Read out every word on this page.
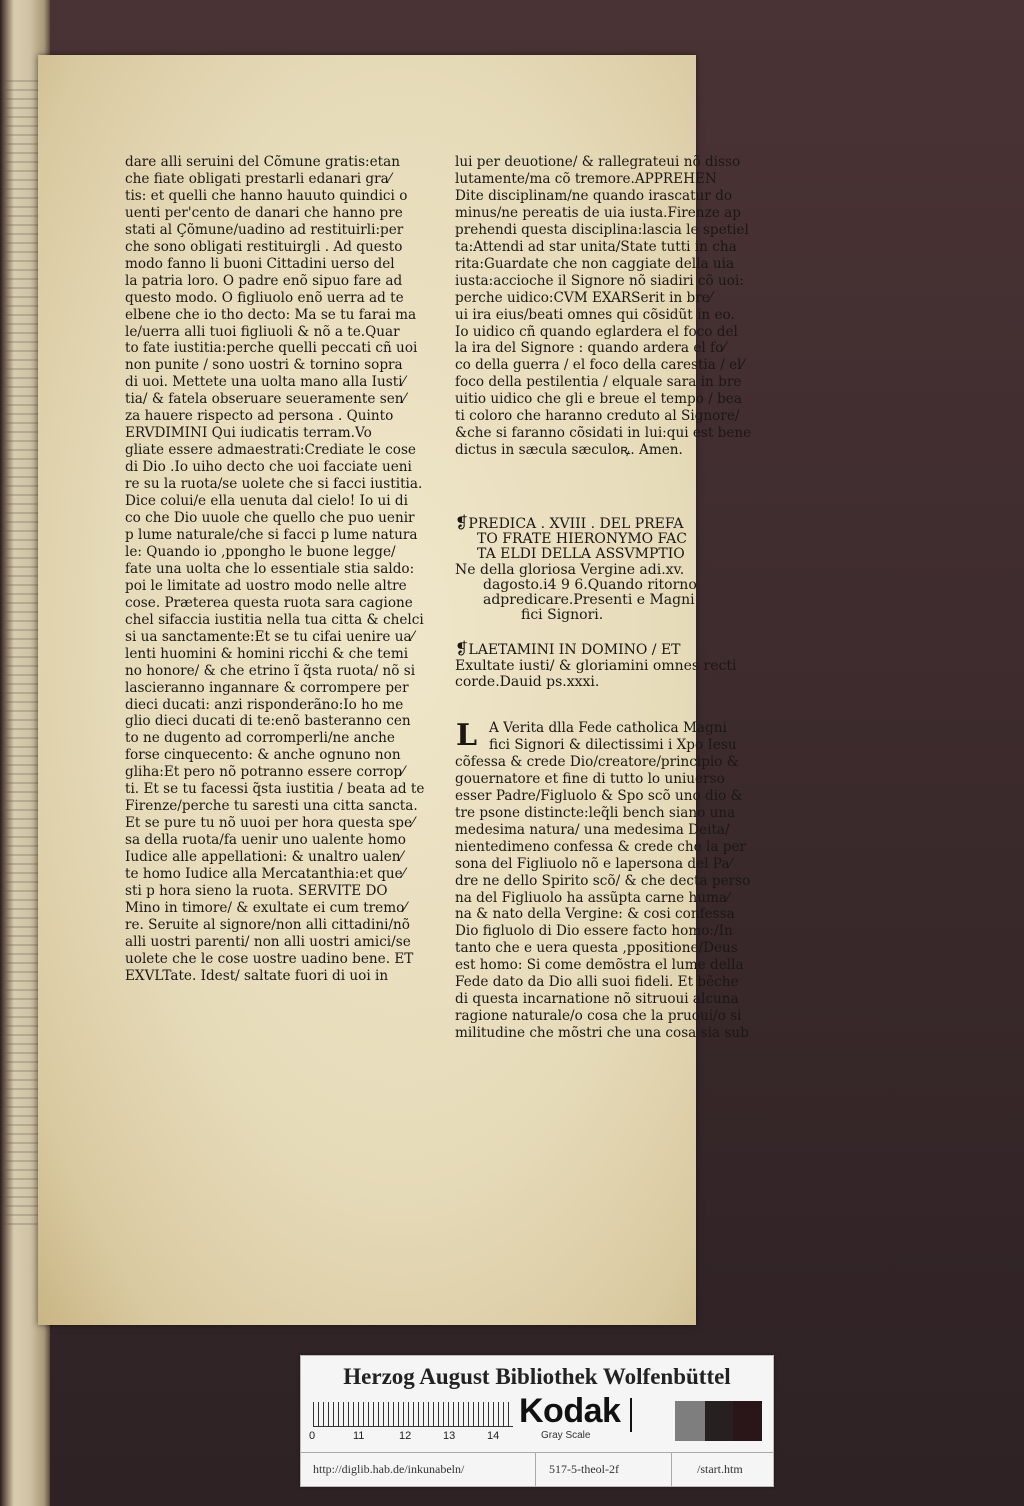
dare alli seruini del Cõmune gratis:etan
che fiate obligati prestarli edanari gra⁄
tis: et quelli che hanno hauuto quindici o
uenti per'cento de danari che hanno pre
stati al Çõmune/uadino ad restituirli:per
che sono obligati restituirgli . Ad questo
modo fanno li buoni Cittadini uerso del
la patria loro. O padre enõ sipuo fare ad
questo modo. O figliuolo enõ uerra ad te
elbene che io tho decto: Ma se tu farai ma
le/uerra alli tuoi figliuoli & nõ a te.Quar
to fate iustitia:perche quelli peccati cñ uoi
non punite / sono uostri & tornino sopra
di uoi. Mettete una uolta mano alla Iusti⁄
tia/ & fatela obseruare seueramente sen⁄
za hauere rispecto ad persona . Quinto
ERVDIMINI Qui iudicatis terram.Vo
gliate essere admaestrati:Crediate le cose
di Dio .Io uiho decto che uoi facciate ueni
re su la ruota/se uolete che si facci iustitia.
Dice colui/e ella uenuta dal cielo! Io ui di
co che Dio uuole che quello che puo uenir
p lume naturale/che si facci p lume natura
le: Quando io ,ppongho le buone legge/
fate una uolta che lo essentiale stia saldo:
poi le limitate ad uostro modo nelle altre
cose. Præterea questa ruota sara cagione
chel sifaccia iustitia nella tua citta & chelci
si ua sanctamente:Et se tu cifai uenire ua⁄
lenti huomini & homini ricchi & che temi
no honore/ & che etrino ĩ q̃sta ruota/ nõ si
lascieranno ingannare & corrompere per
dieci ducati: anzi risponderãno:Io ho me
glio dieci ducati di te:enõ basteranno cen
to ne dugento ad corromperli/ne anche
forse cinquecento: & anche ognuno non
gliha:Et pero nõ potranno essere corrop⁄
ti. Et se tu facessi q̃sta iustitia / beata ad te
Firenze/perche tu saresti una citta sancta.
Et se pure tu nõ uuoi per hora questa spe⁄
sa della ruota/fa uenir uno ualente homo
Iudice alle appellationi: & unaltro ualen⁄
te homo Iudice alla Mercatanthia:et que⁄
sti p hora sieno la ruota. SERVITE DO
Mino in timore/ & exultate ei cum tremo⁄
re. Seruite al signore/non alli cittadini/nõ
alli uostri parenti/ non alli uostri amici/se
uolete che le cose uostre uadino bene. ET
EXVLTate. Idest/ saltate fuori di uoi in
lui per deuotione/ & rallegrateui nõ disso
lutamente/ma cõ tremore.APPREHEN
Dite disciplinam/ne quando irascatur do
minus/ne pereatis de uia iusta.Firenze ap
prehendi questa disciplina:lascia le spetiel
ta:Attendi ad star unita/State tutti in cha
rita:Guardate che non caggiate della uia
iusta:accioche il Signore nõ siadiri cõ uoi:
perche uidico:CVM EXARSerit in bre⁄
ui ira eius/beati omnes qui cõsidũt in eo.
Io uidico cñ quando eglardera el foco del
la ira del Signore : quando ardera el fo⁄
co della guerra / el foco della carestia / el⁄
foco della pestilentia / elquale sara in bre
uitio uidico che gli e breue el tempo / bea
ti coloro che haranno creduto al Signore/
&che si faranno cõsidati in lui:qui est bene
dictus in sæcula sæculoꝶ. Amen.
❡PREDICA . XVIII . DEL PREFA
TO FRATE HIERONYMO FAC
TA ELDI DELLA ASSVMPTIO
Ne della gloriosa Vergine adi.xv.
dagosto.i4 9 6.Quando ritorno
adpredicare.Presenti e Magni
fici Signori.
❡LAETAMINI IN DOMINO / ET
Exultate iusti/ & gloriamini omnes recti
corde.Dauid ps.xxxi.
A Verita dlla Fede catholica Magni
fici Signori & dilectissimi i Xpo Iesu
cõfessa & crede Dio/creatore/principio &
gouernatore et fine di tutto lo uniuerso
esser Padre/Figluolo & Spo scõ uno dio &
tre psone distincte:leq̃li bench siano una
medesima natura/ una medesima Deita/
nientedimeno confessa & crede che la per
sona del Figliuolo nõ e lapersona del Pa⁄
dre ne dello Spirito scõ/ & che decta perso
na del Figliuolo ha assũpta carne huma⁄
na & nato della Vergine: & cosi confessa
Dio figluolo di Dio essere facto homo:/In
tanto che e uera questa ,ppositione/Deus
est homo: Si come demõstra el lume della
Fede dato da Dio alli suoi fideli. Et bẽche
di questa incarnatione nõ sitruoui alcuna
ragione naturale/o cosa che la pruoui/o si
militudine che mõstri che una cosa sia sub
Herzog August Bibliothek Wolfenbüttel
0	11	12	13	14
Kodak
Gray Scale
http://diglib.hab.de/inkunabeln/	517-5-theol-2f	/start.htm
L
